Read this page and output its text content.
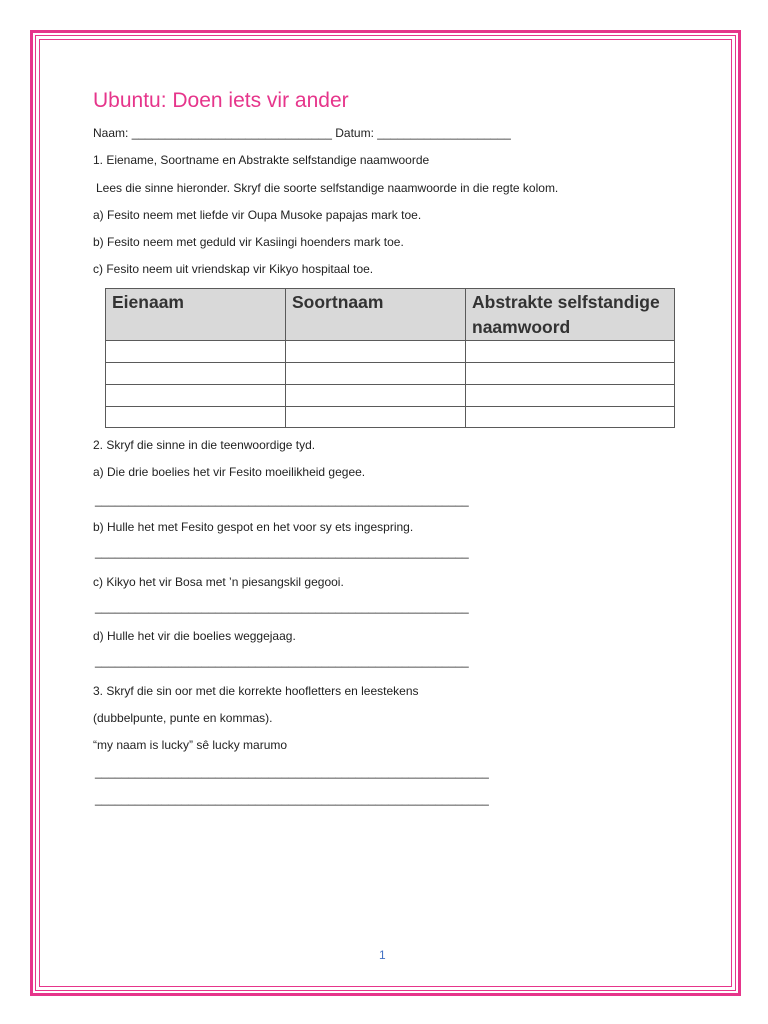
Ubuntu: Doen iets vir ander
Naam: ______________________________ Datum: ____________________
1. Eiename, Soortname en Abstrakte selfstandige naamwoorde
Lees die sinne hieronder. Skryf die soorte selfstandige naamwoorde in die regte kolom.
a) Fesito neem met liefde vir Oupa Musoke papajas mark toe.
b) Fesito neem met geduld vir Kasiingi hoenders mark toe.
c) Fesito neem uit vriendskap vir Kikyo hospitaal toe.
Eienaam	Soortnaam	Abstrakte selfstandige naamwoord

2. Skryf die sinne in die teenwoordige tyd.
a) Die drie boelies het vir Fesito moeilikheid gegee.
________________________________________________________
b) Hulle het met Fesito gespot en het voor sy ets ingespring.
________________________________________________________
c) Kikyo het vir Bosa met ’n piesangskil gegooi.
________________________________________________________
d) Hulle het vir die boelies weggejaag.
________________________________________________________
3. Skryf die sin oor met die korrekte hoofletters en leestekens
(dubbelpunte, punte en kommas).
“my naam is lucky” sê lucky marumo
___________________________________________________________
___________________________________________________________
1
